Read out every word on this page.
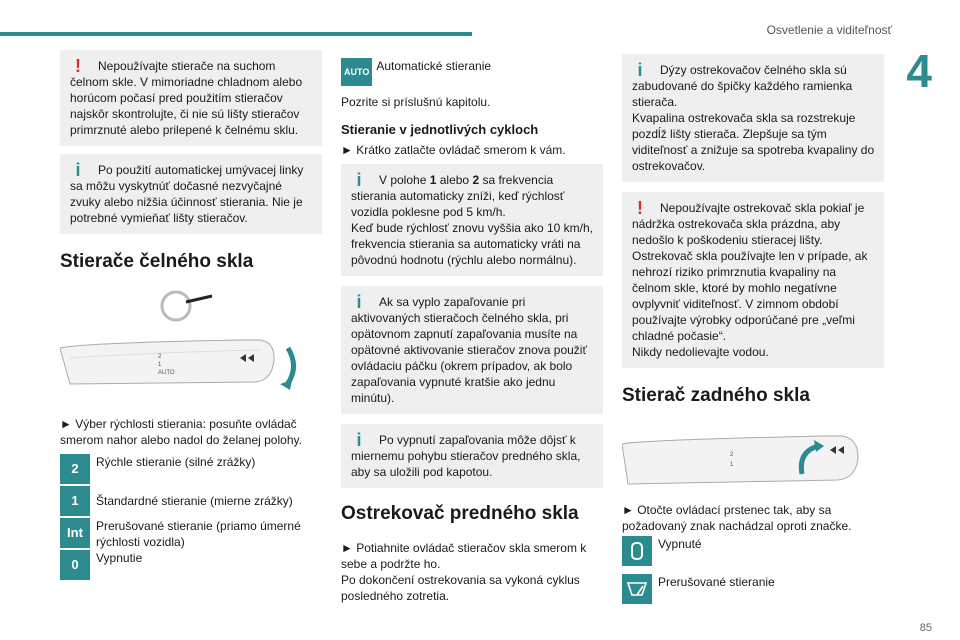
Osvetlenie a viditeľnosť
4
85
!	Nepoužívajte stierače na suchom čelnom skle. V mimoriadne chladnom alebo horúcom počasí pred použitím stieračov najskôr skontrolujte, či nie sú lišty stieračov primrznuté alebo prilepené k čelnému sklu.

i	Po použití automatickej umývacej linky sa môžu vyskytnúť dočasné nezvyčajné zvuky alebo nižšia účinnosť stierania. Nie je potrebné vymieňať lišty stieračov.

Stierače čelného skla
2
1
AUTO

► Výber rýchlosti stierania: posuňte ovládač smerom nahor alebo nadol do želanej polohy.

2	Rýchle stieranie (silné zrážky)
1	Štandardné stieranie (mierne zrážky)
Int	Prerušované stieranie (priamo úmerné rýchlosti vozidla)
0	Vypnutie
AUTO Automatické stieranie

Pozrite si príslušnú kapitolu.

Stieranie v jednotlivých cykloch

► Krátko zatlačte ovládač smerom k vám.

i	V polohe 1 alebo 2 sa frekvencia stierania automaticky zníži, keď rýchlosť vozidla poklesne pod 5 km/h.

Keď bude rýchlosť znovu vyššia ako 10 km/h, frekvencia stierania sa automaticky vráti na pôvodnú hodnotu (rýchlu alebo normálnu).
i	Ak sa vyplo zapaľovanie pri aktivovaných stieračoch čelného skla, pri opätovnom zapnutí zapaľovania musíte na opätovné aktivovanie stieračov znova použiť ovládaciu páčku (okrem prípadov, ak bolo zapaľovania vypnuté kratšie ako jednu minútu).

i	Po vypnutí zapaľovania môže dôjsť k miernemu pohybu stieračov predného skla, aby sa uložili pod kapotou.

Ostrekovač predného skla

► Potiahnite ovládač stieračov skla smerom k sebe a podržte ho.

Po dokončení ostrekovania sa vykoná cyklus posledného zotretia.

i	Dýzy ostrekovačov čelného skla sú zabudované do špičky každého ramienka stierača.

Kvapalina ostrekovača skla sa rozstrekuje pozdĺž lišty stierača. Zlepšuje sa tým viditeľnosť a znižuje sa spotreba kvapaliny do ostrekovačov.
!	Nepoužívajte ostrekovač skla pokiaľ je nádržka ostrekovača skla prázdna, aby nedošlo k poškodeniu stieracej lišty.

Ostrekovač skla používajte len v prípade, ak nehrozí riziko primrznutia kvapaliny na čelnom skle, ktoré by mohlo negatívne ovplyvniť viditeľnosť. V zimnom období používajte výrobky odporúčané pre „veľmi chladné počasie“.
Nikdy nedolievajte vodou.
Stierač zadného skla
2
1

► Otočte ovládací prstenec tak, aby sa požadovaný znak nachádzal oproti značke.

Vypnuté
Prerušované stieranie
